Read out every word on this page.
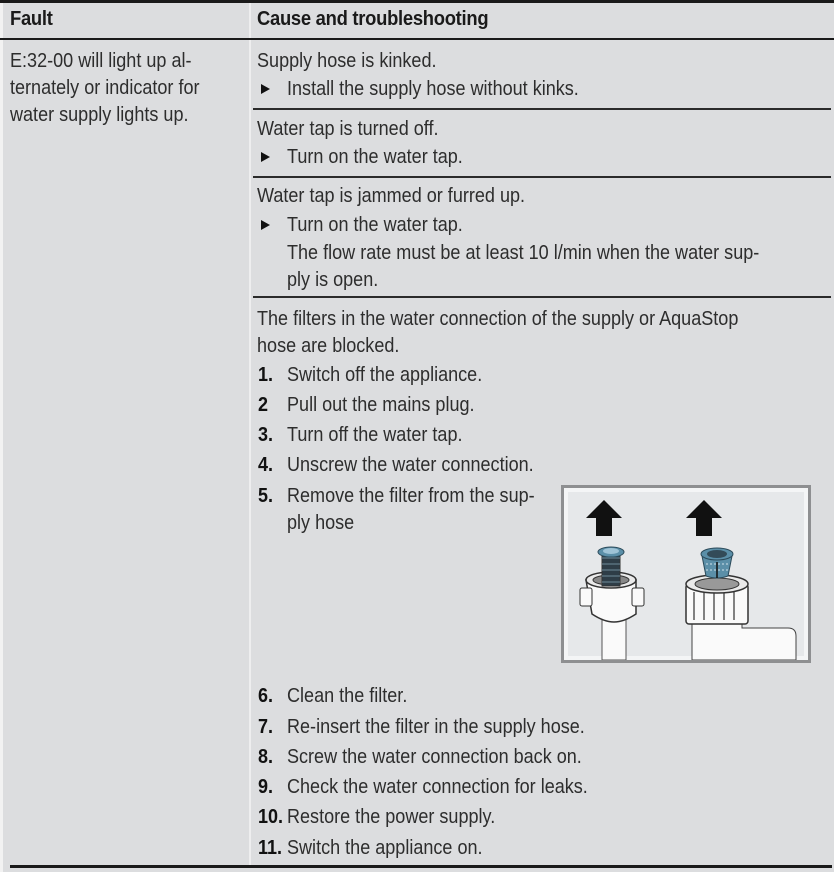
Fault	Cause and troubleshooting
E:32-00 will light up al-
ternately or indicator for
water supply lights up.
Supply hose is kinked.
Install the supply hose without kinks.
Water tap is turned off.
Turn on the water tap.
Water tap is jammed or furred up.
Turn on the water tap.
The flow rate must be at least 10 l/min when the water sup-
ply is open.
The filters in the water connection of the supply or AquaStop
hose are blocked.
1. Switch off the appliance.
2 Pull out the mains plug.
3. Turn off the water tap.
4. Unscrew the water connection.
5. Remove the filter from the sup-
ply hose
6. Clean the filter.
7. Re-insert the filter in the supply hose.
8. Screw the water connection back on.
9. Check the water connection for leaks.
10. Restore the power supply.
11. Switch the appliance on.
